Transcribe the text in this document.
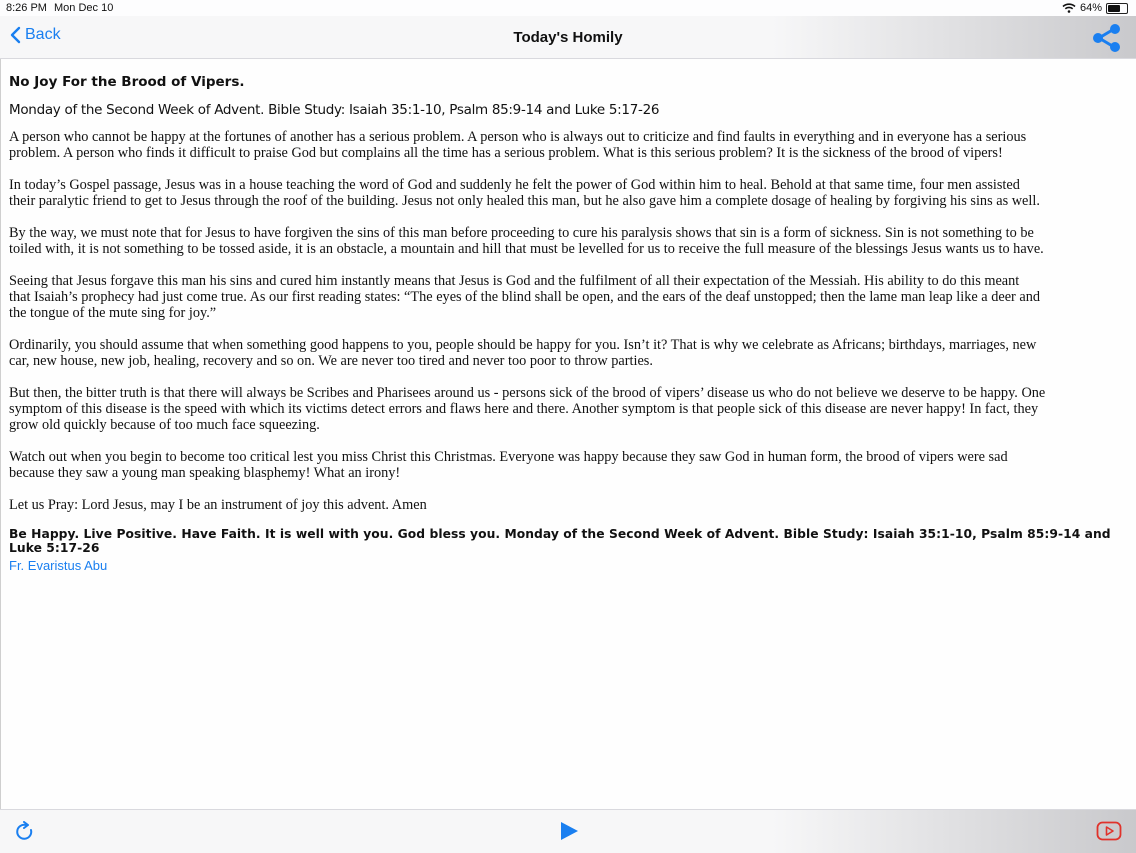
8:26 PM Mon Dec 10	64%
Back	Today's Homily
No Joy For the Brood of Vipers.
Monday of the Second Week of Advent. Bible Study: Isaiah 35:1-10, Psalm 85:9-14 and Luke 5:17-26

A person who cannot be happy at the fortunes of another has a serious problem. A person who is always out to criticize and find faults in everything and in everyone has a serious
problem. A person who finds it difficult to praise God but complains all the time has a serious problem. What is this serious problem? It is the sickness of the brood of vipers!

In today’s Gospel passage, Jesus was in a house teaching the word of God and suddenly he felt the power of God within him to heal. Behold at that same time, four men assisted
their paralytic friend to get to Jesus through the roof of the building. Jesus not only healed this man, but he also gave him a complete dosage of healing by forgiving his sins as well.

By the way, we must note that for Jesus to have forgiven the sins of this man before proceeding to cure his paralysis shows that sin is a form of sickness. Sin is not something to be
toiled with, it is not something to be tossed aside, it is an obstacle, a mountain and hill that must be levelled for us to receive the full measure of the blessings Jesus wants us to have.

Seeing that Jesus forgave this man his sins and cured him instantly means that Jesus is God and the fulfilment of all their expectation of the Messiah. His ability to do this meant
that Isaiah’s prophecy had just come true. As our first reading states: “The eyes of the blind shall be open, and the ears of the deaf unstopped; then the lame man leap like a deer and
the tongue of the mute sing for joy.”

Ordinarily, you should assume that when something good happens to you, people should be happy for you. Isn’t it? That is why we celebrate as Africans; birthdays, marriages, new
car, new house, new job, healing, recovery and so on. We are never too tired and never too poor to throw parties.

But then, the bitter truth is that there will always be Scribes and Pharisees around us - persons sick of the brood of vipers’ disease us who do not believe we deserve to be happy. One
symptom of this disease is the speed with which its victims detect errors and flaws here and there. Another symptom is that people sick of this disease are never happy! In fact, they
grow old quickly because of too much face squeezing.

Watch out when you begin to become too critical lest you miss Christ this Christmas. Everyone was happy because they saw God in human form, the brood of vipers were sad
because they saw a young man speaking blasphemy! What an irony!

Let us Pray: Lord Jesus, may I be an instrument of joy this advent. Amen

Be Happy. Live Positive. Have Faith. It is well with you. God bless you. Monday of the Second Week of Advent. Bible Study: Isaiah 35:1-10, Psalm 85:9-14 and Luke 5:17-26
Fr. Evaristus Abu
